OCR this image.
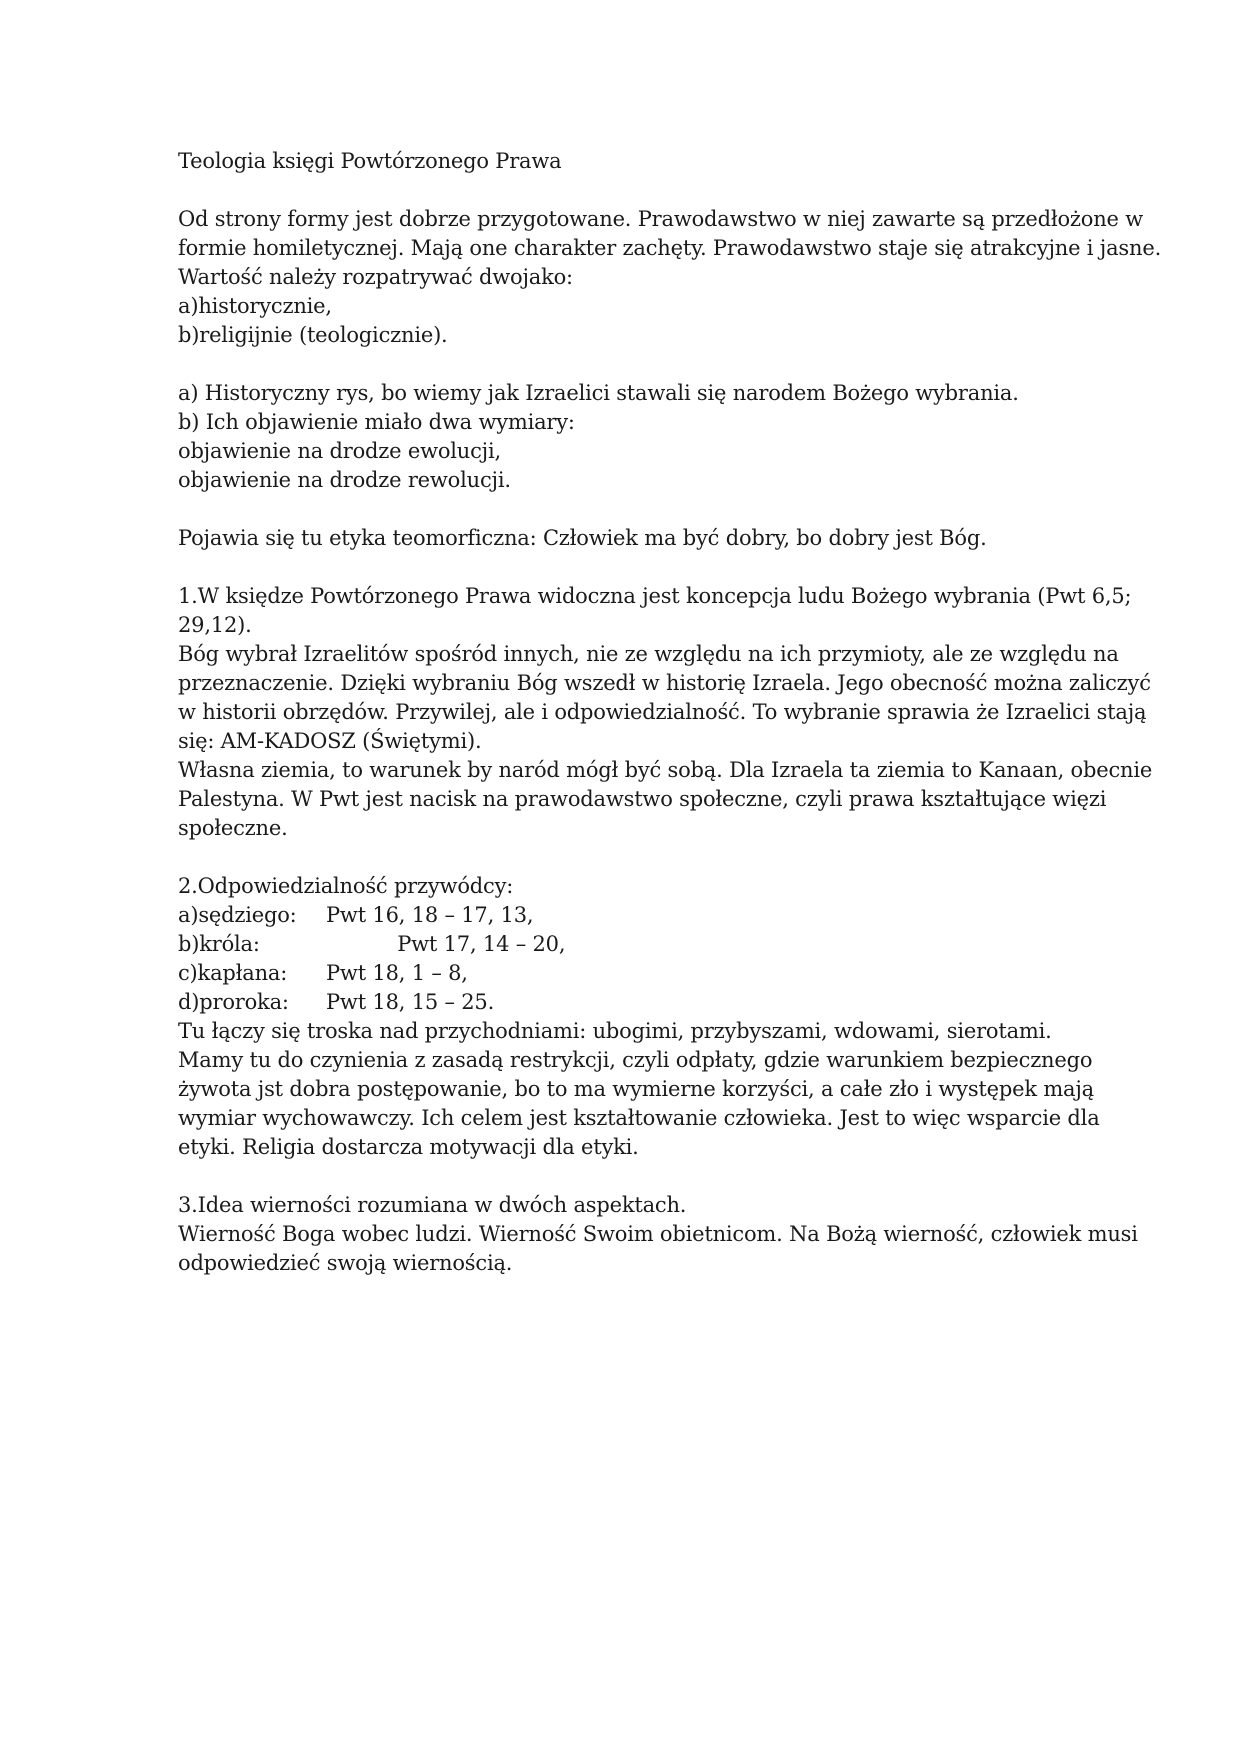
Teologia księgi Powtórzonego Prawa
Od strony formy jest dobrze przygotowane. Prawodawstwo w niej zawarte są przedłożone w
formie homiletycznej. Mają one charakter zachęty. Prawodawstwo staje się atrakcyjne i jasne.
Wartość należy rozpatrywać dwojako:
a)historycznie,
b)religijnie (teologicznie).
a) Historyczny rys, bo wiemy jak Izraelici stawali się narodem Bożego wybrania.
b) Ich objawienie miało dwa wymiary:
objawienie na drodze ewolucji,
objawienie na drodze rewolucji.
Pojawia się tu etyka teomorficzna: Człowiek ma być dobry, bo dobry jest Bóg.
1.W księdze Powtórzonego Prawa widoczna jest koncepcja ludu Bożego wybrania (Pwt 6,5;
29,12).
Bóg wybrał Izraelitów spośród innych, nie ze względu na ich przymioty, ale ze względu na
przeznaczenie. Dzięki wybraniu Bóg wszedł w historię Izraela. Jego obecność można zaliczyć
w historii obrzędów. Przywilej, ale i odpowiedzialność. To wybranie sprawia że Izraelici stają
się: AM-KADOSZ (Świętymi).
Własna ziemia, to warunek by naród mógł być sobą. Dla Izraela ta ziemia to Kanaan, obecnie
Palestyna. W Pwt jest nacisk na prawodawstwo społeczne, czyli prawa kształtujące więzi
społeczne.
2.Odpowiedzialność przywódcy:
a)sędziego:	Pwt 16, 18 – 17, 13,
b)króla:	Pwt 17, 14 – 20,
c)kapłana:	Pwt 18, 1 – 8,
d)proroka:	Pwt 18, 15 – 25.
Tu łączy się troska nad przychodniami: ubogimi, przybyszami, wdowami, sierotami.
Mamy tu do czynienia z zasadą restrykcji, czyli odpłaty, gdzie warunkiem bezpiecznego
żywota jst dobra postępowanie, bo to ma wymierne korzyści, a całe zło i występek mają
wymiar wychowawczy. Ich celem jest kształtowanie człowieka. Jest to więc wsparcie dla
etyki. Religia dostarcza motywacji dla etyki.
3.Idea wierności rozumiana w dwóch aspektach.
Wierność Boga wobec ludzi. Wierność Swoim obietnicom. Na Bożą wierność, człowiek musi
odpowiedzieć swoją wiernością.
